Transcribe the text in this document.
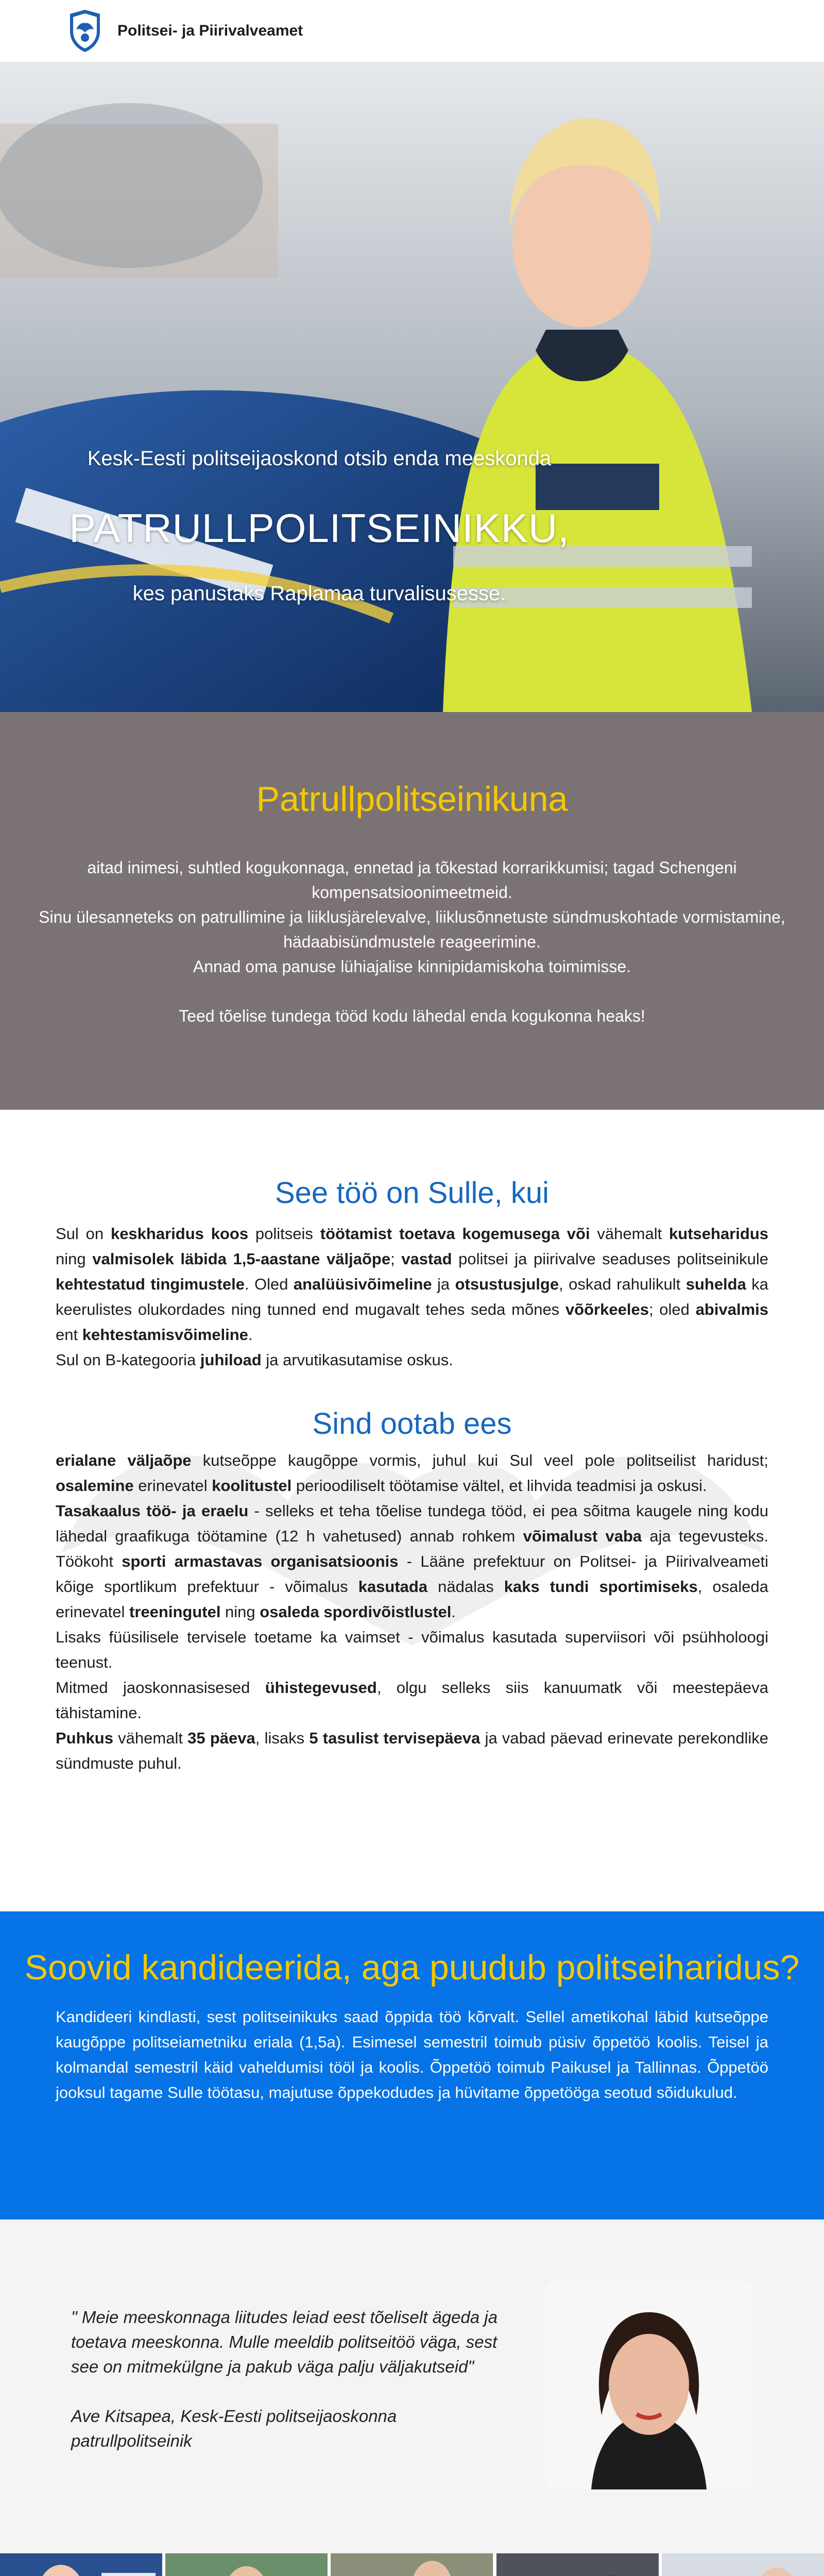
Politsei- ja Piirivalveamet
Kesk-Eesti politseijaoskond otsib enda meeskonda
PATRULLPOLITSEINIKKU,
kes panustaks Raplamaa turvalisusesse.
Patrullpolitseinikuna

aitad inimesi, suhtled kogukonnaga, ennetad ja tõkestad korrarikkumisi; tagad Schengeni kompensatsioonimeetmeid.

Sinu ülesanneteks on patrullimine ja liiklusjärelevalve, liiklusõnnetuste sündmuskohtade vormistamine, hädaabisündmustele reageerimine.

Annad oma panuse lühiajalise kinnipidamiskoha toimimisse.

Teed tõelise tundega tööd kodu lähedal enda kogukonna heaks!

See töö on Sulle, kui
Sul on keskharidus koos politseis töötamist toetava kogemusega või vähemalt kutseharidus ning valmisolek läbida 1,5-aastane väljaõpe; vastad politsei ja piirivalve seaduses politseinikule kehtestatud tingimustele. Oled analüüsivõimeline ja otsustusjulge, oskad rahulikult suhelda ka keerulistes olukordades ning tunned end mugavalt tehes seda mõnes võõrkeeles; oled abivalmis ent kehtestamisvõimeline.
Sul on B-kategooria juhiload ja arvutikasutamise oskus.
Sind ootab ees
erialane väljaõpe kutseõppe kaugõppe vormis, juhul kui Sul veel pole politseilist haridust; osalemine erinevatel koolitustel perioodiliselt töötamise vältel, et lihvida teadmisi ja oskusi.
Tasakaalus töö- ja eraelu - selleks et teha tõelise tundega tööd, ei pea sõitma kaugele ning kodu lähedal graafikuga töötamine (12 h vahetused) annab rohkem võimalust vaba aja tegevusteks. Töökoht sporti armastavas organisatsioonis - Lääne prefektuur on Politsei- ja Piirivalveameti kõige sportlikum prefektuur - võimalus kasutada nädalas kaks tundi sportimiseks, osaleda erinevatel treeningutel ning osaleda spordivõistlustel.
Lisaks füüsilisele tervisele toetame ka vaimset - võimalus kasutada superviisori või psühholoogi teenust.
Mitmed jaoskonnasisesed ühistegevused, olgu selleks siis kanuumatk või meestepäeva tähistamine.
Puhkus vähemalt 35 päeva, lisaks 5 tasulist tervisepäeva ja vabad päevad erinevate perekondlike sündmuste puhul.
Soovid kandideerida, aga puudub politseiharidus?

Kandideeri kindlasti, sest politseinikuks saad õppida töö kõrvalt. Sellel ametikohal läbid kutseõppe kaugõppe politseiametniku eriala (1,5a). Esimesel semestril toimub püsiv õppetöö koolis. Teisel ja kolmandal semestril käid vaheldumisi tööl ja koolis. Õppetöö toimub Paikusel ja Tallinnas. Õppetöö jooksul tagame Sulle töötasu, majutuse õppekodudes ja hüvitame õppetööga seotud sõidukulud.

" Meie meeskonnaga liitudes leiad eest tõeliselt ägeda ja toetava meeskonna. Mulle meeldib politseitöö väga, sest see on mitmekülgne ja pakub väga palju väljakutseid"
Ave Kitsapea, Kesk-Eesti politseijaoskonna patrullpolitseinik
